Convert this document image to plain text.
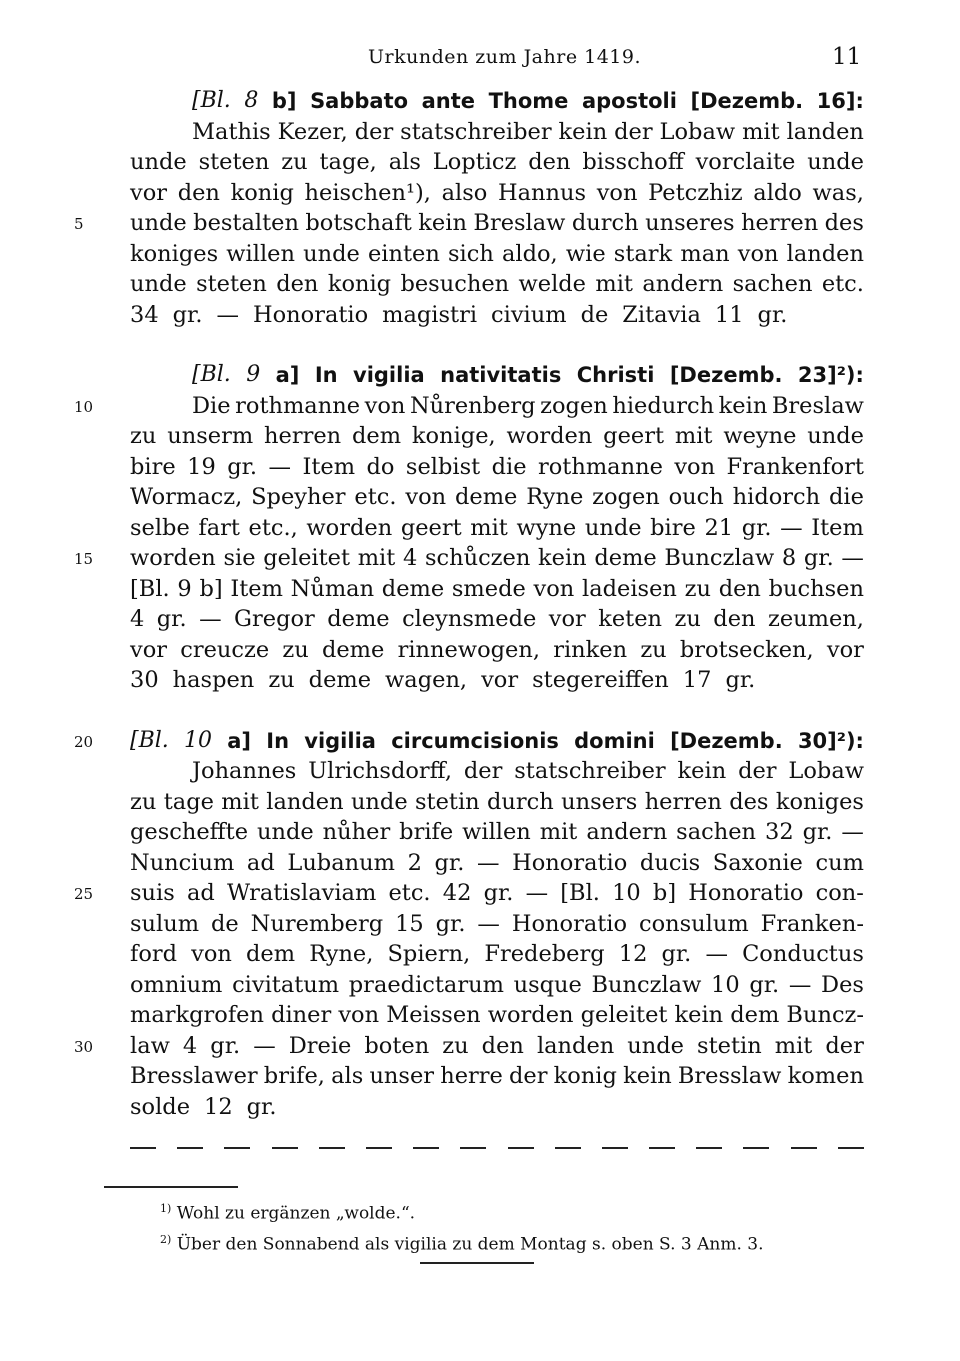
Urkunden zum Jahre 1419.	11
[Bl. 8 b] Sabbato ante Thome apostoli [Dezemb. 16]:
Mathis Kezer, der statschreiber kein der Lobaw mit landen
unde steten zu tage, als Lopticz den bisschoff vorclaite unde
vor den konig heischen¹), also Hannus von Petczhiz aldo was,
unde bestalten botschaft kein Breslaw durch unseres herren des
koniges willen unde einten sich aldo, wie stark man von landen
unde steten den konig besuchen welde mit andern sachen etc.
34 gr. — Honoratio magistri civium de Zitavia 11 gr.
[Bl. 9 a] In vigilia nativitatis Christi [Dezemb. 23]²):
Die rothmanne von Nůrenberg zogen hiedurch kein Breslaw
zu unserm herren dem konige, worden geert mit weyne unde
bire 19 gr. — Item do selbist die rothmanne von Frankenfort
Wormacz, Speyher etc. von deme Ryne zogen ouch hidorch die
selbe fart etc., worden geert mit wyne unde bire 21 gr. — Item
worden sie geleitet mit 4 schůczen kein deme Bunczlaw 8 gr. —
[Bl. 9 b] Item Nůman deme smede von ladeisen zu den buchsen
4 gr. — Gregor deme cleynsmede vor keten zu den zeumen,
vor creucze zu deme rinnewogen, rinken zu brotsecken, vor
30 haspen zu deme wagen, vor stegereiffen 17 gr.
[Bl. 10 a] In vigilia circumcisionis domini [Dezemb. 30]²):
Johannes Ulrichsdorff, der statschreiber kein der Lobaw
zu tage mit landen unde stetin durch unsers herren des koniges
gescheffte unde nůher brife willen mit andern sachen 32 gr. —
Nuncium ad Lubanum 2 gr. — Honoratio ducis Saxonie cum
suis ad Wratislaviam etc. 42 gr. — [Bl. 10 b] Honoratio con-
sulum de Nuremberg 15 gr. — Honoratio consulum Franken-
ford von dem Ryne, Spiern, Fredeberg 12 gr. — Conductus
omnium civitatum praedictarum usque Bunczlaw 10 gr. — Des
markgrofen diner von Meissen worden geleitet kein dem Buncz-
law 4 gr. — Dreie boten zu den landen unde stetin mit der
Bresslawer brife, als unser herre der konig kein Bresslaw komen
solde 12 gr.
$^{1)}$ Wohl zu ergänzen „wolde.“.
$^{2)}$ Über den Sonnabend als vigilia zu dem Montag s. oben S. 3 Anm. 3.
5
10
15
20
25
30
